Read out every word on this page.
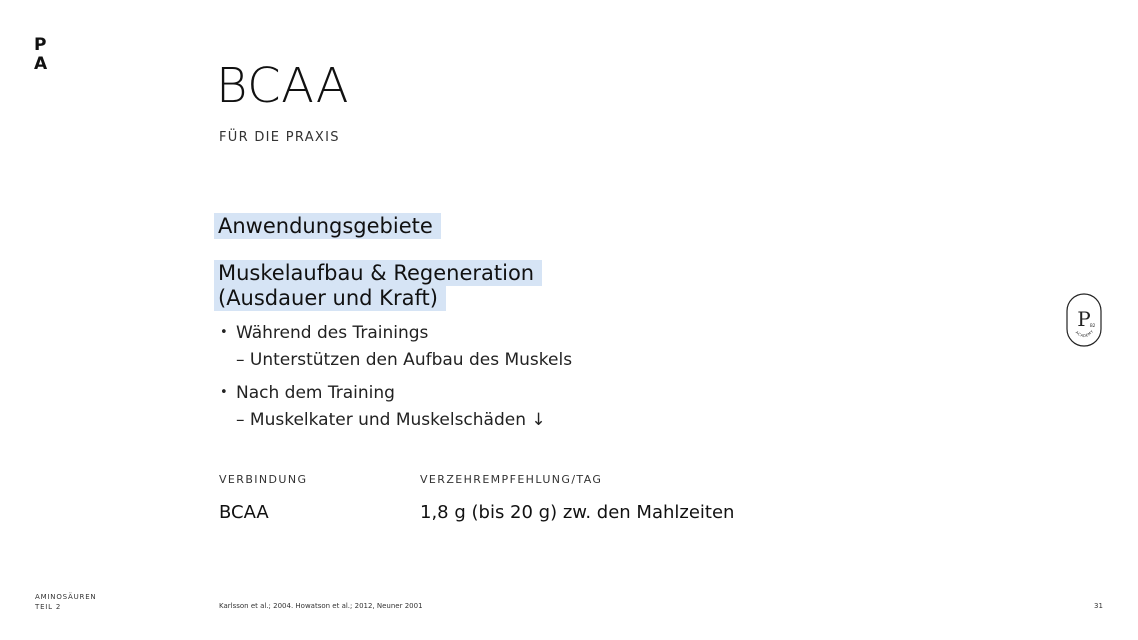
P
A	BCAA
FÜR DIE PRAXIS
Anwendungsgebiete
Muskelaufbau & Regeneration
(Ausdauer und Kraft)
• Während des Trainings
– Unterstützen den Aufbau des Muskels
• Nach dem Training
– Muskelkater und Muskelschäden ↓
VERBINDUNG	VERZEHREMPFEHLUNG/TAG
BCAA	1,8 g (bis 20 g) zw. den Mahlzeiten
P B2
ACADEMY
AMINOSÄUREN
TEIL 2	Karlsson et al.; 2004. Howatson et al.; 2012, Neuner 2001	31
